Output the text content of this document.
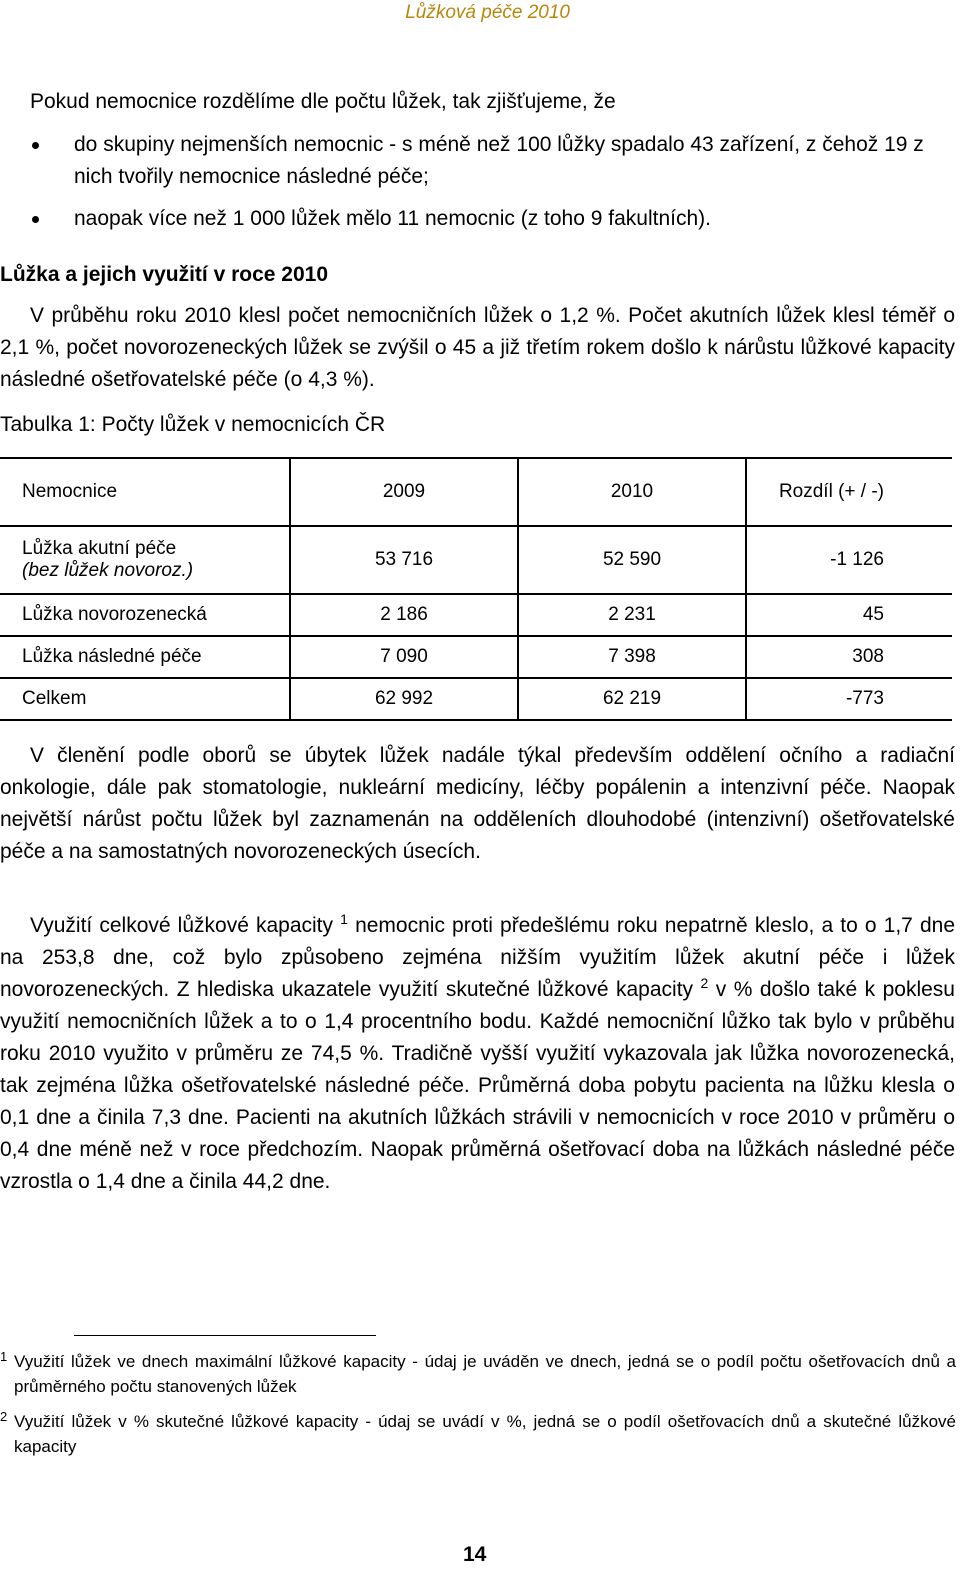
Lůžková péče 2010
Pokud nemocnice rozdělíme dle počtu lůžek, tak zjišťujeme, že
do skupiny nejmenších nemocnic - s méně než 100 lůžky spadalo 43 zařízení, z čehož 19 z nich tvořily nemocnice následné péče;
naopak více než 1 000 lůžek mělo 11 nemocnic (z toho 9 fakultních).
Lůžka a jejich využití v roce 2010
V průběhu roku 2010 klesl počet nemocničních lůžek o 1,2 %. Počet akutních lůžek klesl téměř o 2,1 %, počet novorozeneckých lůžek se zvýšil o 45 a již třetím rokem došlo k nárůstu lůžkové kapacity následné ošetřovatelské péče (o 4,3 %).
Tabulka 1: Počty lůžek v nemocnicích ČR
Nemocnice	2009	2010	Rozdíl (+ / -)

Lůžka akutní péče
(bez lůžek novoroz.)	53 716	52 590	-1 126
Lůžka novorozenecká	2 186	2 231	45
Lůžka následné péče	7 090	7 398	308
Celkem	62 992	62 219	-773
V členění podle oborů se úbytek lůžek nadále týkal především oddělení očního a radiační onkologie, dále pak stomatologie, nukleární medicíny, léčby popálenin a intenzivní péče. Naopak největší nárůst počtu lůžek byl zaznamenán na odděleních dlouhodobé (intenzivní) ošetřovatelské péče a na samostatných novorozeneckých úsecích.
Využití celkové lůžkové kapacity $^1$ nemocnic proti předešlému roku nepatrně kleslo, a to o 1,7 dne na 253,8 dne, což bylo způsobeno zejména nižším využitím lůžek akutní péče i lůžek novorozeneckých. Z hlediska ukazatele využití skutečné lůžkové kapacity $^2$ v % došlo také k poklesu využití nemocničních lůžek a to o 1,4 procentního bodu. Každé nemocniční lůžko tak bylo v průběhu roku 2010 využito v průměru ze 74,5 %. Tradičně vyšší využití vykazovala jak lůžka novorozenecká, tak zejména lůžka ošetřovatelské následné péče. Průměrná doba pobytu pacienta na lůžku klesla o 0,1 dne a činila 7,3 dne. Pacienti na akutních lůžkách strávili v nemocnicích v roce 2010 v průměru o 0,4 dne méně než v roce předchozím. Naopak průměrná ošetřovací doba na lůžkách následné péče vzrostla o 1,4 dne a činila 44,2 dne.
1 Využití lůžek ve dnech maximální lůžkové kapacity - údaj je uváděn ve dnech, jedná se o podíl počtu ošetřovacích dnů a průměrného počtu stanovených lůžek
2 Využití lůžek v % skutečné lůžkové kapacity - údaj se uvádí v %, jedná se o podíl ošetřovacích dnů a skutečné lůžkové kapacity
14
